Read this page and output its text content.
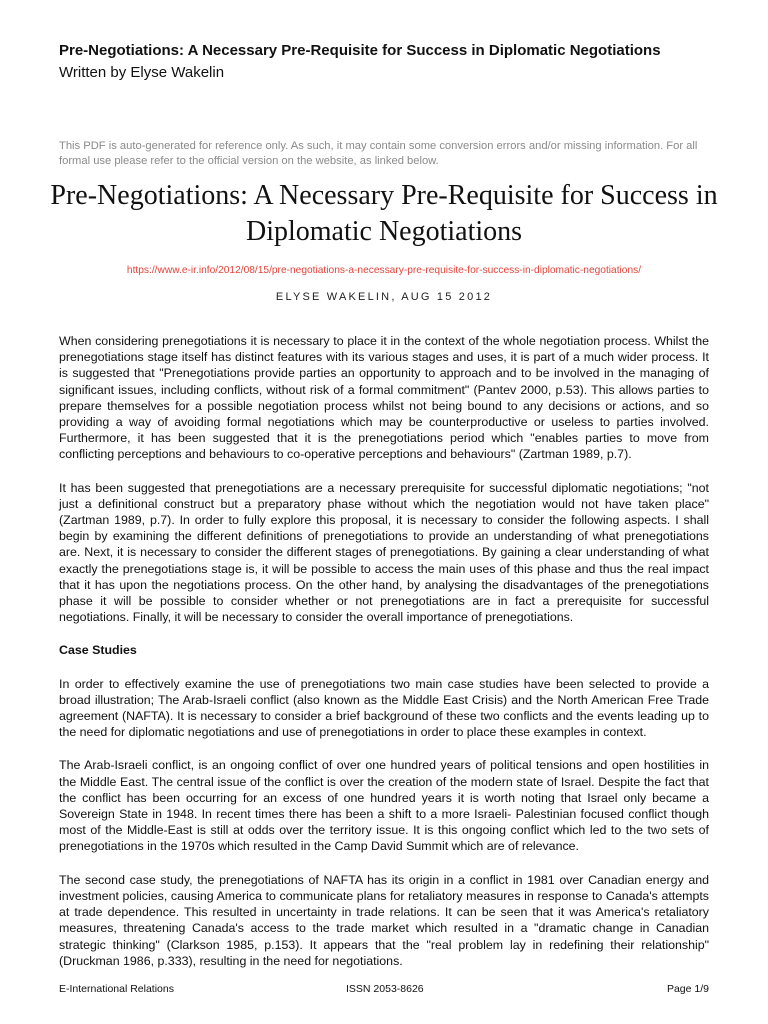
Pre-Negotiations: A Necessary Pre-Requisite for Success in Diplomatic Negotiations
Written by Elyse Wakelin
This PDF is auto-generated for reference only. As such, it may contain some conversion errors and/or missing information. For all formal use please refer to the official version on the website, as linked below.
Pre-Negotiations: A Necessary Pre-Requisite for Success in Diplomatic Negotiations
https://www.e-ir.info/2012/08/15/pre-negotiations-a-necessary-pre-requisite-for-success-in-diplomatic-negotiations/
ELYSE WAKELIN, AUG 15 2012

When considering prenegotiations it is necessary to place it in the context of the whole negotiation process. Whilst the prenegotiations stage itself has distinct features with its various stages and uses, it is part of a much wider process. It is suggested that "Prenegotiations provide parties an opportunity to approach and to be involved in the managing of significant issues, including conflicts, without risk of a formal commitment" (Pantev 2000, p.53). This allows parties to prepare themselves for a possible negotiation process whilst not being bound to any decisions or actions, and so providing a way of avoiding formal negotiations which may be counterproductive or useless to parties involved. Furthermore, it has been suggested that it is the prenegotiations period which "enables parties to move from conflicting perceptions and behaviours to co-operative perceptions and behaviours" (Zartman 1989, p.7).

It has been suggested that prenegotiations are a necessary prerequisite for successful diplomatic negotiations; "not just a definitional construct but a preparatory phase without which the negotiation would not have taken place" (Zartman 1989, p.7). In order to fully explore this proposal, it is necessary to consider the following aspects. I shall begin by examining the different definitions of prenegotiations to provide an understanding of what prenegotiations are. Next, it is necessary to consider the different stages of prenegotiations. By gaining a clear understanding of what exactly the prenegotiations stage is, it will be possible to access the main uses of this phase and thus the real impact that it has upon the negotiations process. On the other hand, by analysing the disadvantages of the prenegotiations phase it will be possible to consider whether or not prenegotiations are in fact a prerequisite for successful negotiations. Finally, it will be necessary to consider the overall importance of prenegotiations.

Case Studies

In order to effectively examine the use of prenegotiations two main case studies have been selected to provide a broad illustration; The Arab-Israeli conflict (also known as the Middle East Crisis) and the North American Free Trade agreement (NAFTA). It is necessary to consider a brief background of these two conflicts and the events leading up to the need for diplomatic negotiations and use of prenegotiations in order to place these examples in context.

The Arab-Israeli conflict, is an ongoing conflict of over one hundred years of political tensions and open hostilities in the Middle East. The central issue of the conflict is over the creation of the modern state of Israel. Despite the fact that the conflict has been occurring for an excess of one hundred years it is worth noting that Israel only became a Sovereign State in 1948. In recent times there has been a shift to a more Israeli- Palestinian focused conflict though most of the Middle-East is still at odds over the territory issue. It is this ongoing conflict which led to the two sets of prenegotiations in the 1970s which resulted in the Camp David Summit which are of relevance.

The second case study, the prenegotiations of NAFTA has its origin in a conflict in 1981 over Canadian energy and investment policies, causing America to communicate plans for retaliatory measures in response to Canada's attempts at trade dependence. This resulted in uncertainty in trade relations. It can be seen that it was America's retaliatory measures, threatening Canada's access to the trade market which resulted in a "dramatic change in Canadian strategic thinking" (Clarkson 1985, p.153). It appears that the "real problem lay in redefining their relationship" (Druckman 1986, p.333), resulting in the need for negotiations.

E-International Relations	ISSN 2053-8626	Page 1/9
